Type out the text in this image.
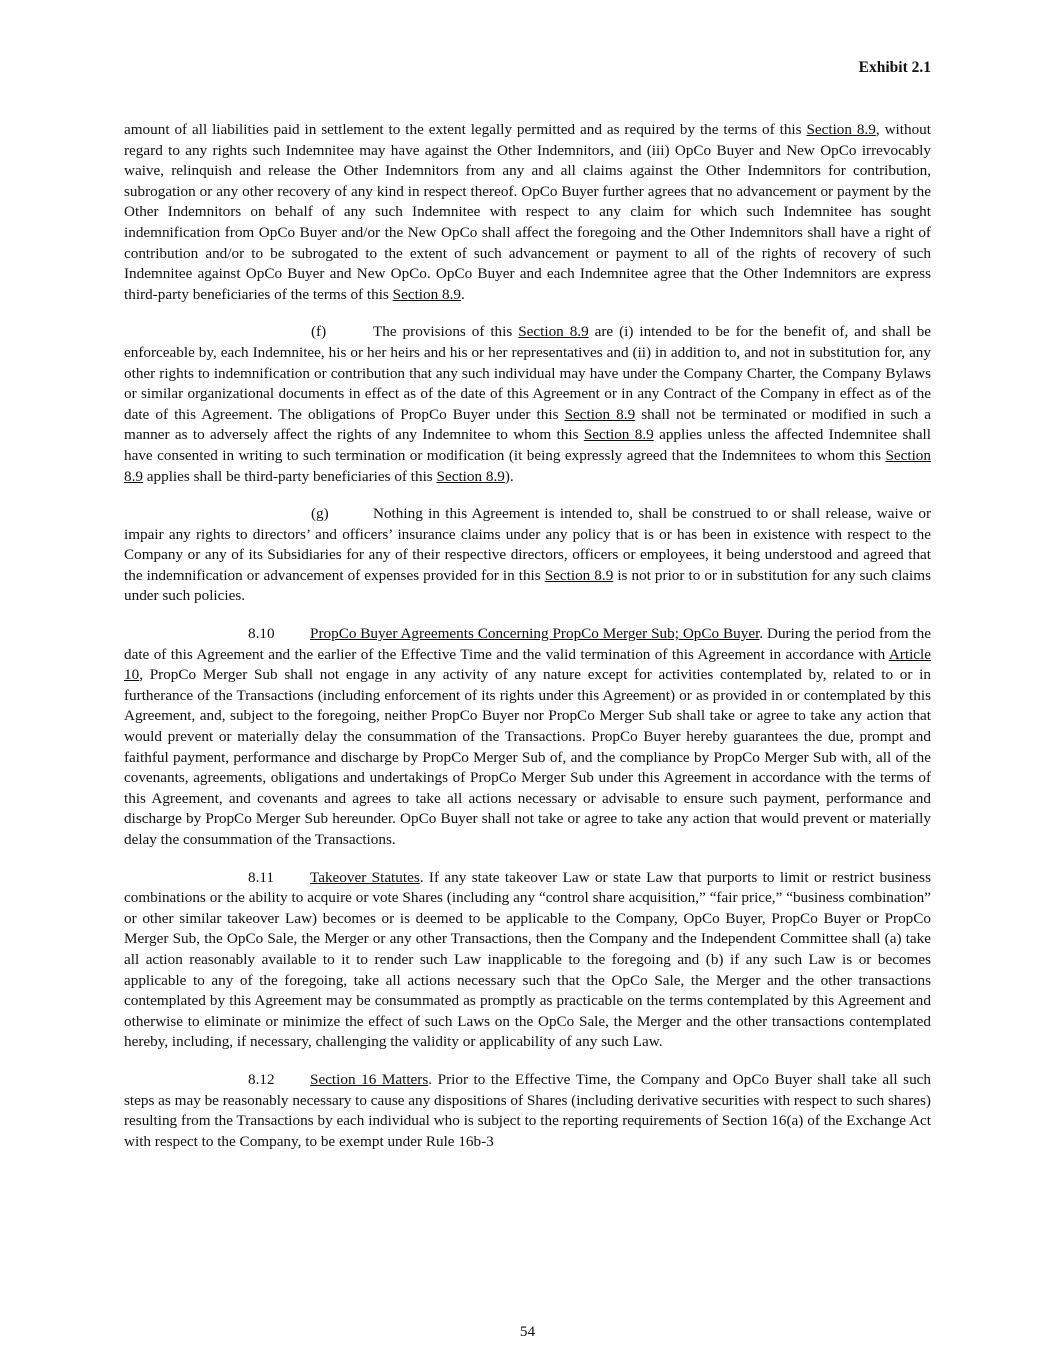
Exhibit 2.1

amount of all liabilities paid in settlement to the extent legally permitted and as required by the terms of this Section 8.9, without regard to any rights such Indemnitee may have against the Other Indemnitors, and (iii) OpCo Buyer and New OpCo irrevocably waive, relinquish and release the Other Indemnitors from any and all claims against the Other Indemnitors for contribution, subrogation or any other recovery of any kind in respect thereof. OpCo Buyer further agrees that no advancement or payment by the Other Indemnitors on behalf of any such Indemnitee with respect to any claim for which such Indemnitee has sought indemnification from OpCo Buyer and/or the New OpCo shall affect the foregoing and the Other Indemnitors shall have a right of contribution and/or to be subrogated to the extent of such advancement or payment to all of the rights of recovery of such Indemnitee against OpCo Buyer and New OpCo. OpCo Buyer and each Indemnitee agree that the Other Indemnitors are express third-party beneficiaries of the terms of this Section 8.9.

(f)	The provisions of this Section 8.9 are (i) intended to be for the benefit of, and shall be enforceable by, each Indemnitee, his or her heirs and his or her representatives and (ii) in addition to, and not in substitution for, any other rights to indemnification or contribution that any such individual may have under the Company Charter, the Company Bylaws or similar organizational documents in effect as of the date of this Agreement or in any Contract of the Company in effect as of the date of this Agreement. The obligations of PropCo Buyer under this Section 8.9 shall not be terminated or modified in such a manner as to adversely affect the rights of any Indemnitee to whom this Section 8.9 applies unless the affected Indemnitee shall have consented in writing to such termination or modification (it being expressly agreed that the Indemnitees to whom this Section 8.9 applies shall be third-party beneficiaries of this Section 8.9).

(g)	Nothing in this Agreement is intended to, shall be construed to or shall release, waive or impair any rights to directors’ and officers’ insurance claims under any policy that is or has been in existence with respect to the Company or any of its Subsidiaries for any of their respective directors, officers or employees, it being understood and agreed that the indemnification or advancement of expenses provided for in this Section 8.9 is not prior to or in substitution for any such claims under such policies.

8.10 PropCo Buyer Agreements Concerning PropCo Merger Sub; OpCo Buyer. During the period from the date of this Agreement and the earlier of the Effective Time and the valid termination of this Agreement in accordance with Article 10, PropCo Merger Sub shall not engage in any activity of any nature except for activities contemplated by, related to or in furtherance of the Transactions (including enforcement of its rights under this Agreement) or as provided in or contemplated by this Agreement, and, subject to the foregoing, neither PropCo Buyer nor PropCo Merger Sub shall take or agree to take any action that would prevent or materially delay the consummation of the Transactions. PropCo Buyer hereby guarantees the due, prompt and faithful payment, performance and discharge by PropCo Merger Sub of, and the compliance by PropCo Merger Sub with, all of the covenants, agreements, obligations and undertakings of PropCo Merger Sub under this Agreement in accordance with the terms of this Agreement, and covenants and agrees to take all actions necessary or advisable to ensure such payment, performance and discharge by PropCo Merger Sub hereunder. OpCo Buyer shall not take or agree to take any action that would prevent or materially delay the consummation of the Transactions.

8.11 Takeover Statutes. If any state takeover Law or state Law that purports to limit or restrict business combinations or the ability to acquire or vote Shares (including any “control share acquisition,” “fair price,” “business combination” or other similar takeover Law) becomes or is deemed to be applicable to the Company, OpCo Buyer, PropCo Buyer or PropCo Merger Sub, the OpCo Sale, the Merger or any other Transactions, then the Company and the Independent Committee shall (a) take all action reasonably available to it to render such Law inapplicable to the foregoing and (b) if any such Law is or becomes applicable to any of the foregoing, take all actions necessary such that the OpCo Sale, the Merger and the other transactions contemplated by this Agreement may be consummated as promptly as practicable on the terms contemplated by this Agreement and otherwise to eliminate or minimize the effect of such Laws on the OpCo Sale, the Merger and the other transactions contemplated hereby, including, if necessary, challenging the validity or applicability of any such Law.

8.12 Section 16 Matters. Prior to the Effective Time, the Company and OpCo Buyer shall take all such steps as may be reasonably necessary to cause any dispositions of Shares (including derivative securities with respect to such shares) resulting from the Transactions by each individual who is subject to the reporting requirements of Section 16(a) of the Exchange Act with respect to the Company, to be exempt under Rule 16b-3

54
